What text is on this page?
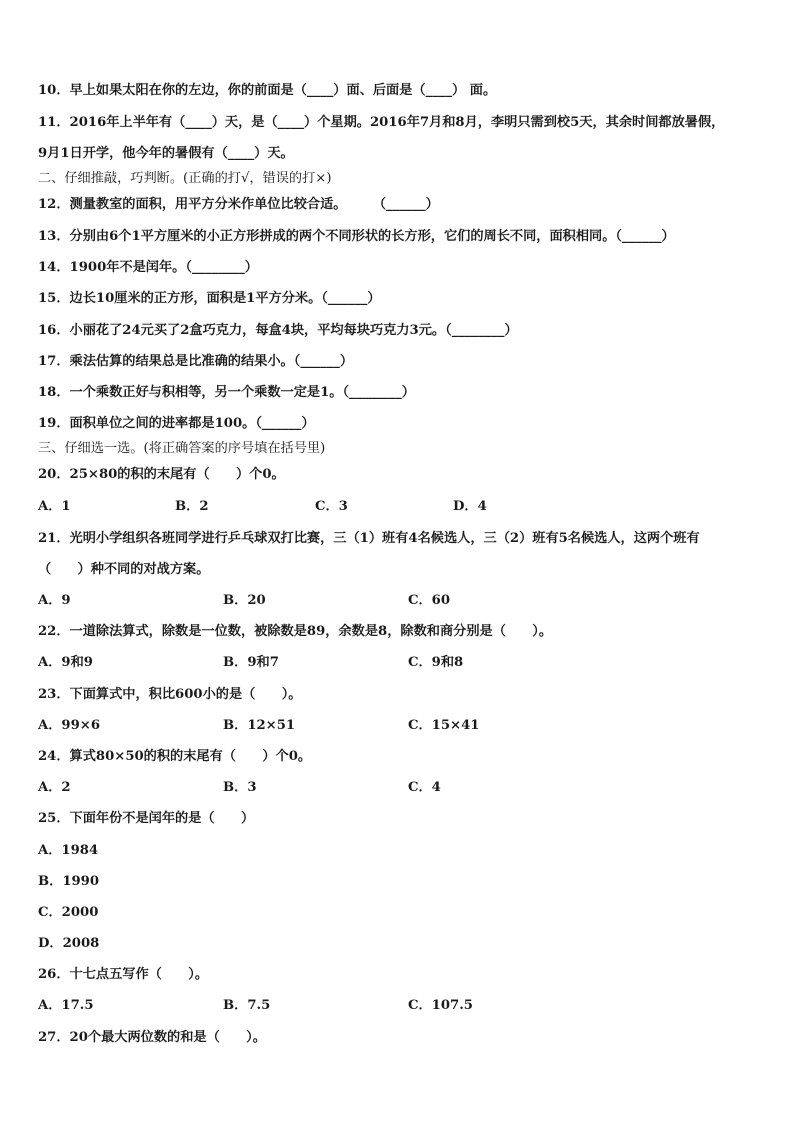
10．早上如果太阳在你的左边，你的前面是（____）面、后面是（____） 面。
11．2016年上半年有（____）天，是（____）个星期。2016年7月和8月，李明只需到校5天，其余时间都放暑假，
9月1日开学，他今年的暑假有（____）天。
二、仔细推敲，巧判断。(正确的打√，错误的打×)
12．测量教室的面积，用平方分米作单位比较合适。　　　（______）
13．分别由6个1平方厘米的小正方形拼成的两个不同形状的长方形，它们的周长不同，面积相同。（______）
14．1900年不是闰年。（________）
15．边长10厘米的正方形，面积是1平方分米。（______）
16．小丽花了24元买了2盒巧克力，每盒4块，平均每块巧克力3元。（________）
17．乘法估算的结果总是比准确的结果小。（______）
18．一个乘数正好与积相等，另一个乘数一定是1。（________）
19．面积单位之间的进率都是100。（______）
三、仔细选一选。(将正确答案的序号填在括号里)
20．25×80的积的末尾有（　　）个0。
A．1	B．2	C．3	D．4
21．光明小学组织各班同学进行乒乓球双打比赛，三（1）班有4名候选人，三（2）班有5名候选人，这两个班有
（　　）种不同的对战方案。
A．9	B．20	C．60
22．一道除法算式，除数是一位数，被除数是89，余数是8，除数和商分别是（　　）。
A．9和9	B．9和7	C．9和8
23．下面算式中，积比600小的是（　　）。
A．99×6	B．12×51	C．15×41
24．算式80×50的积的末尾有（　　）个0。
A．2	B．3	C．4
25．下面年份不是闰年的是（　　）
A．1984
B．1990
C．2000
D．2008
26．十七点五写作（　　）。
A．17.5	B．7.5	C．107.5
27．20个最大两位数的和是（　　）。
